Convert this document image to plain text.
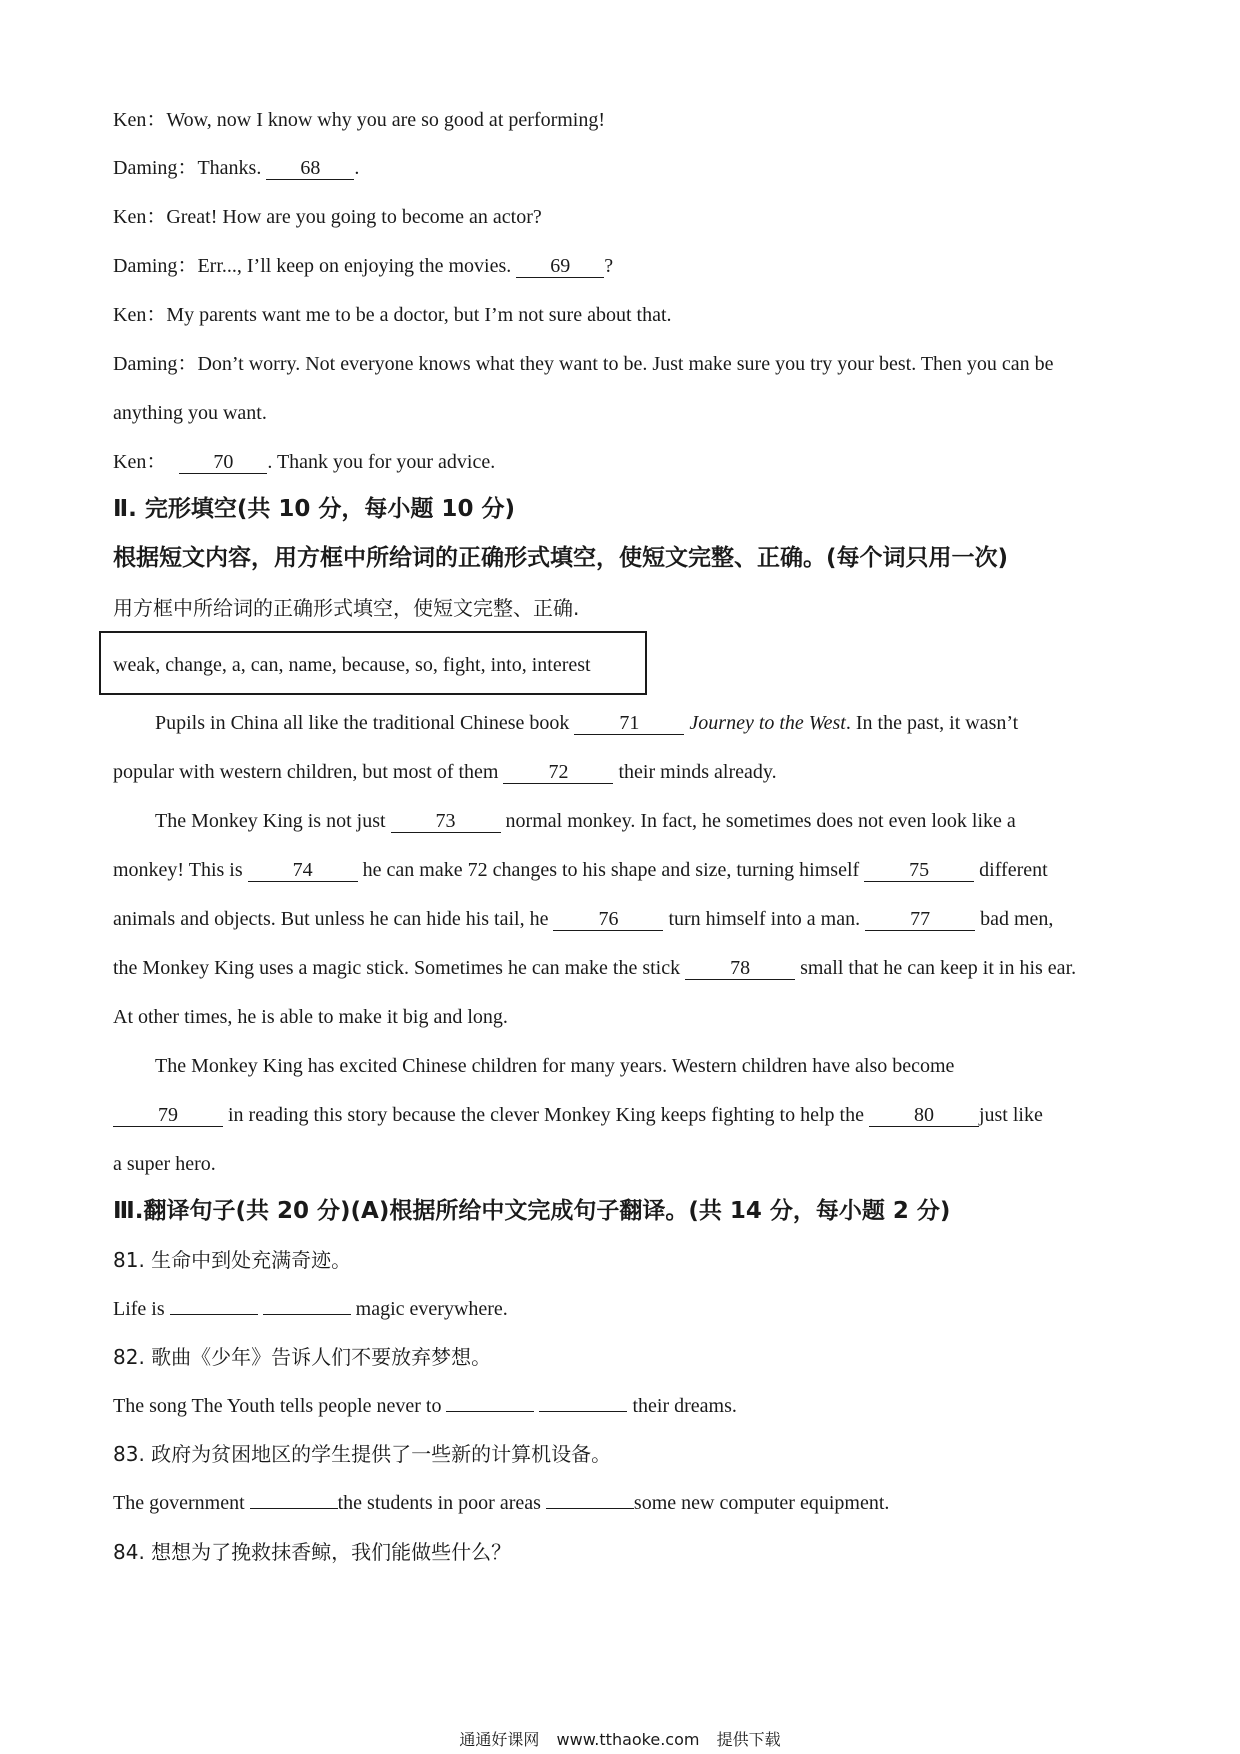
Ken：Wow, now I know why you are so good at performing!
Daming：Thanks. 68 .
Ken：Great! How are you going to become an actor?
Daming：Err..., I’ll keep on enjoying the movies. 69 ?
Ken：My parents want me to be a doctor, but I’m not sure about that.
Daming：Don’t worry. Not everyone knows what they want to be. Just make sure you try your best. Then you can be
anything you want.
Ken： 70 . Thank you for your advice.
Ⅱ. 完形填空(共 10 分，每小题 10 分)
根据短文内容，用方框中所给词的正确形式填空，使短文完整、正确。(每个词只用一次)
用方框中所给词的正确形式填空，使短文完整、正确.
weak, change, a, can, name, because, so, fight, into, interest
Pupils in China all like the traditional Chinese book	71	Journey to the West. In the past, it wasn’t
popular with western children, but most of them	72	their minds already.
The Monkey King is not just	73	normal monkey. In fact, he sometimes does not even look like a
monkey! This is	74	he can make 72 changes to his shape and size, turning himself	75	different
animals and objects. But unless he can hide his tail, he	76	turn himself into a man.	77	bad men,
the Monkey King uses a magic stick. Sometimes he can make the stick	78	small that he can keep it in his ear.
At other times, he is able to make it big and long.
The Monkey King has excited Chinese children for many years. Western children have also become
79	in reading this story because the clever Monkey King keeps fighting to help the	80 just like
a super hero.
Ⅲ.翻译句子(共 20 分)(A)根据所给中文完成句子翻译。(共 14 分，每小题 2 分)
81. 生命中到处充满奇迹。
Life is	magic everywhere.
82. 歌曲《少年》告诉人们不要放弃梦想。
The song The Youth tells people never to	their dreams.
83. 政府为贫困地区的学生提供了一些新的计算机设备。
The government	the students in poor areas	some new computer equipment.
84. 想想为了挽救抹香鲸，我们能做些什么？
通通好课网 www.tthaoke.com 提供下载
